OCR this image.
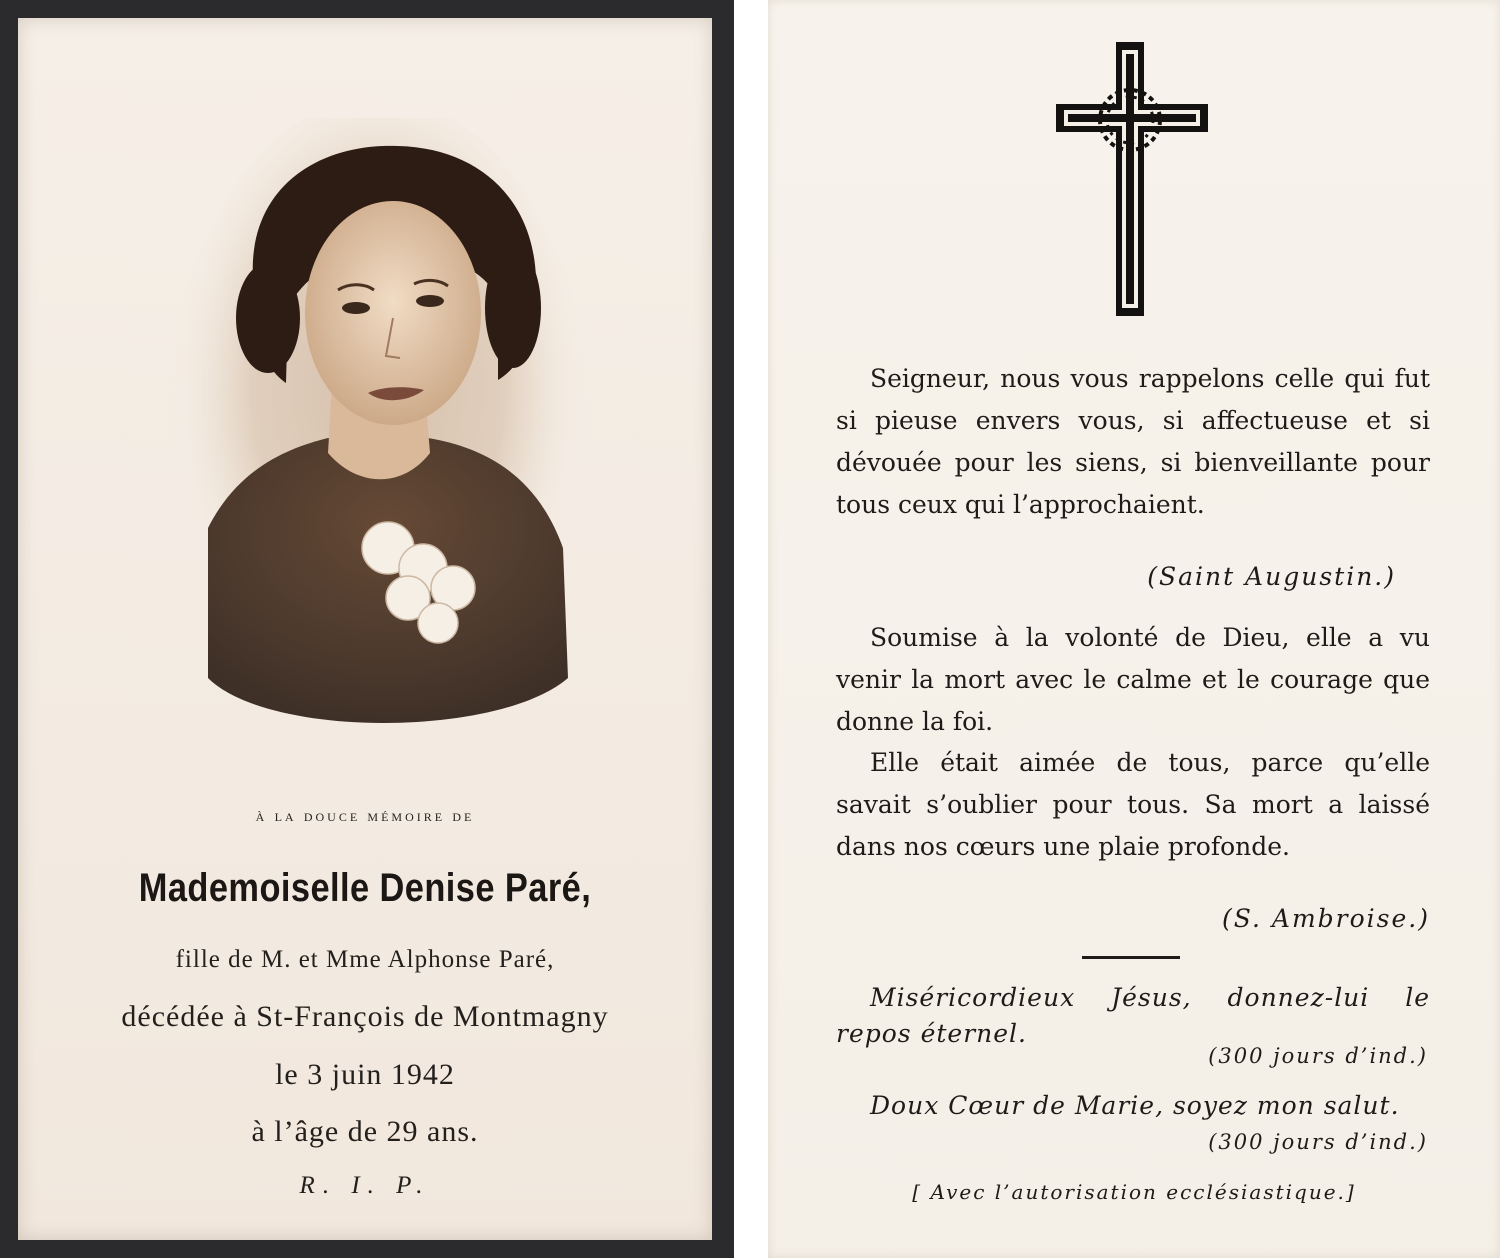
à la douce mémoire de
Mademoiselle Denise Paré,
fille de M. et Mme Alphonse Paré,
décédée à St-François de Montmagny
le 3 juin 1942
à l’âge de 29 ans.
R. I. P.
Seigneur, nous vous rappelons celle qui fut si pieuse envers vous, si affectueuse et si dévouée pour les siens, si bienveillante pour tous ceux qui l’approchaient.
(Saint Augustin.)
Soumise à la volonté de Dieu, elle a vu venir la mort avec le calme et le courage que donne la foi.
Elle était aimée de tous, parce qu’elle savait s’oublier pour tous. Sa mort a laissé dans nos cœurs une plaie profonde.
(S. Ambroise.)
Miséricordieux Jésus, donnez-lui le repos éternel.
(300 jours d’ind.)
Doux Cœur de Marie, soyez mon salut.
(300 jours d’ind.)
[ Avec l’autorisation ecclésiastique.]
